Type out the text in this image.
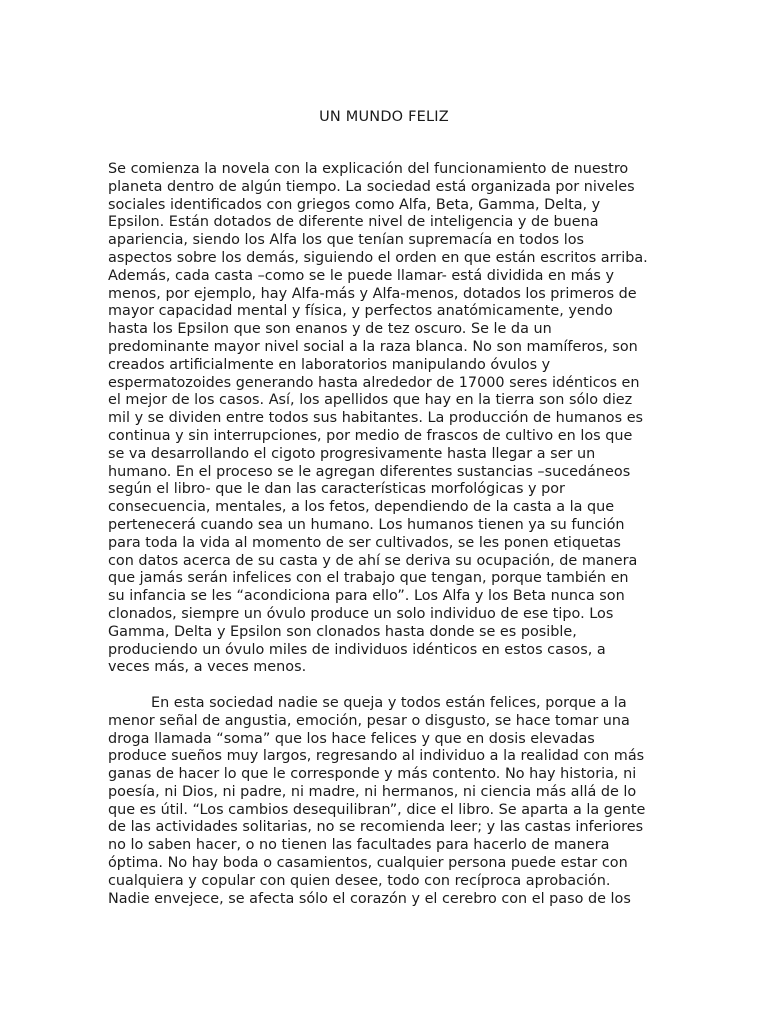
UN MUNDO FELIZ
Se comienza la novela con la explicación del funcionamiento de nuestro
planeta dentro de algún tiempo. La sociedad está organizada por niveles
sociales identificados con griegos como Alfa, Beta, Gamma, Delta, y
Epsilon. Están dotados de diferente nivel de inteligencia y de buena
apariencia, siendo los Alfa los que tenían supremacía en todos los
aspectos sobre los demás, siguiendo el orden en que están escritos arriba.
Además, cada casta –como se le puede llamar- está dividida en más y
menos, por ejemplo, hay Alfa-más y Alfa-menos, dotados los primeros de
mayor capacidad mental y física, y perfectos anatómicamente, yendo
hasta los Epsilon que son enanos y de tez oscuro. Se le da un
predominante mayor nivel social a la raza blanca. No son mamíferos, son
creados artificialmente en laboratorios manipulando óvulos y
espermatozoides generando hasta alrededor de 17000 seres idénticos en
el mejor de los casos. Así, los apellidos que hay en la tierra son sólo diez
mil y se dividen entre todos sus habitantes. La producción de humanos es
continua y sin interrupciones, por medio de frascos de cultivo en los que
se va desarrollando el cigoto progresivamente hasta llegar a ser un
humano. En el proceso se le agregan diferentes sustancias –sucedáneos
según el libro- que le dan las características morfológicas y por
consecuencia, mentales, a los fetos, dependiendo de la casta a la que
pertenecerá cuando sea un humano. Los humanos tienen ya su función
para toda la vida al momento de ser cultivados, se les ponen etiquetas
con datos acerca de su casta y de ahí se deriva su ocupación, de manera
que jamás serán infelices con el trabajo que tengan, porque también en
su infancia se les “acondiciona para ello”. Los Alfa y los Beta nunca son
clonados, siempre un óvulo produce un solo individuo de ese tipo. Los
Gamma, Delta y Epsilon son clonados hasta donde se es posible,
produciendo un óvulo miles de individuos idénticos en estos casos, a
veces más, a veces menos.
En esta sociedad nadie se queja y todos están felices, porque a la
menor señal de angustia, emoción, pesar o disgusto, se hace tomar una
droga llamada “soma” que los hace felices y que en dosis elevadas
produce sueños muy largos, regresando al individuo a la realidad con más
ganas de hacer lo que le corresponde y más contento. No hay historia, ni
poesía, ni Dios, ni padre, ni madre, ni hermanos, ni ciencia más allá de lo
que es útil. “Los cambios desequilibran”, dice el libro. Se aparta a la gente
de las actividades solitarias, no se recomienda leer; y las castas inferiores
no lo saben hacer, o no tienen las facultades para hacerlo de manera
óptima. No hay boda o casamientos, cualquier persona puede estar con
cualquiera y copular con quien desee, todo con recíproca aprobación.
Nadie envejece, se afecta sólo el corazón y el cerebro con el paso de los
